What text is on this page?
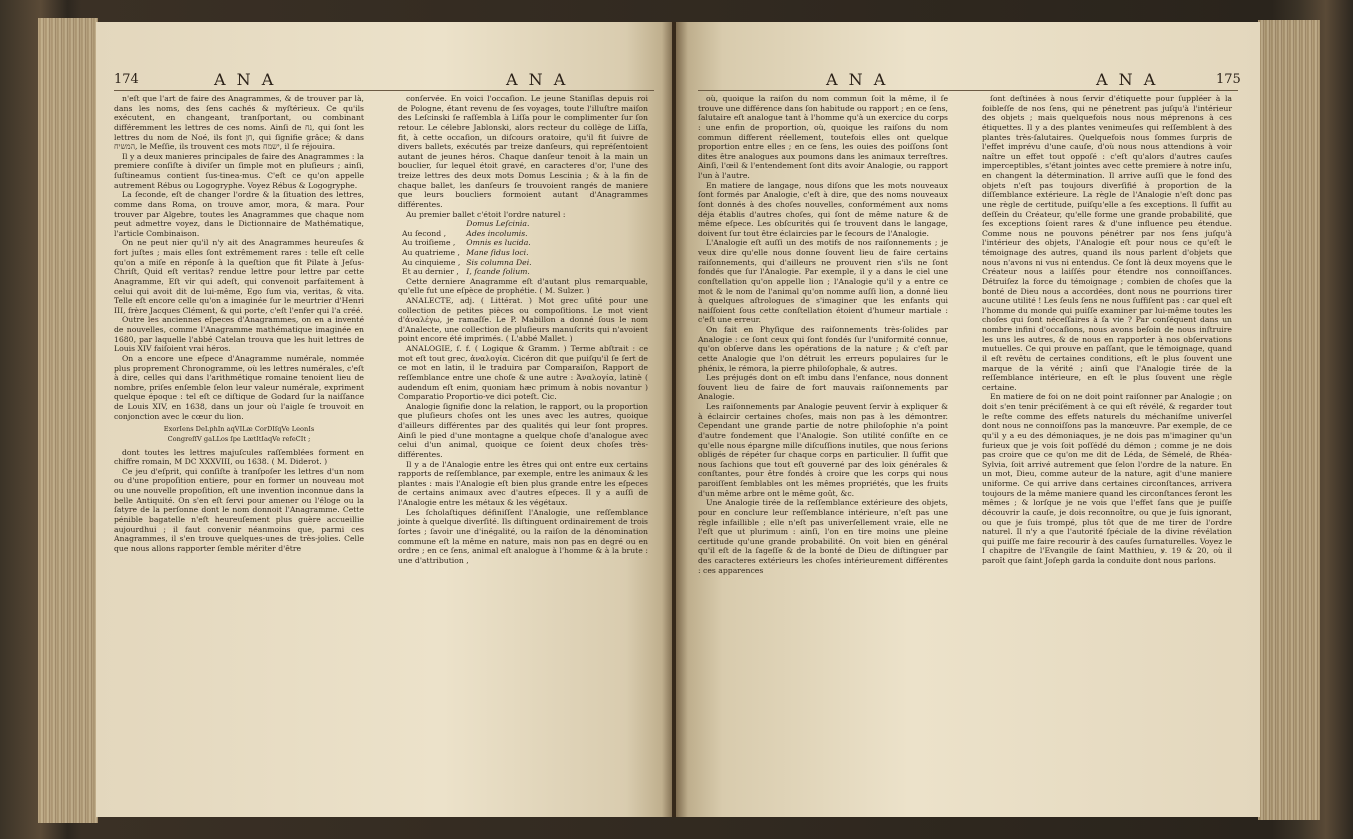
174	A N A	A N A

n'eſt que l'art de faire des Anagrammes, & de trouver par là, dans les noms, des ſens cachés & myſtérieux. Ce qu'ils exécutent, en changeant, tranſportant, ou combinant différemment les lettres de ces noms. Ainſi de נח, qui ſont les lettres du nom de Noé, ils font חן, qui ſignifie grâce; & dans המשיח, le Meſſie, ils trouvent ces mots ישמח, il ſe réjouira.

Il y a deux manieres principales de faire des Anagrammes : la premiere conſiſte à diviſer un ſimple mot en pluſieurs ; ainſi, ſuſtineamus contient ſus-tinea-mus. C'eſt ce qu'on appelle autrement Rébus ou Logogryphe. Voyez Rébus & Logogryphe.

La ſeconde, eſt de changer l'ordre & la ſituation des lettres, comme dans Roma, on trouve amor, mora, & mara. Pour trouver par Algebre, toutes les Anagrammes que chaque nom peut admettre voyez, dans le Dictionnaire de Mathématique, l'article Combinaison.

On ne peut nier qu'il n'y ait des Anagrammes heureuſes & fort juſtes ; mais elles ſont extrêmement rares : telle eſt celle qu'on a miſe en réponſe à la queſtion que fit Pilate à Jeſus-Chriſt, Quid eſt veritas? rendue lettre pour lettre par cette Anagramme, Eſt vir qui adeſt, qui convenoit parfaitement à celui qui avoit dit de lui-même, Ego ſum via, veritas, & vita. Telle eſt encore celle qu'on a imaginée ſur le meurtrier d'Henri III, frère Jacques Clément, & qui porte, c'eſt l'enfer qui l'a créé.

Outre les anciennes eſpeces d'Anagrammes, on en a inventé de nouvelles, comme l'Anagramme mathématique imaginée en 1680, par laquelle l'abbé Catelan trouva que les huit lettres de Louis XIV faiſoient vrai héros.

On a encore une eſpece d'Anagramme numérale, nommée plus proprement Chronogramme, où les lettres numérales, c'eſt à dire, celles qui dans l'arithmétique romaine tenoient lieu de nombre, priſes enſemble ſelon leur valeur numérale, expriment quelque époque : tel eſt ce diſtique de Godard ſur la naiſſance de Louis XIV, en 1638, dans un jour où l'aigle ſe trouvoit en conjonction avec le cœur du lion.

ExorIens DeLphIn aqVILæ CorDIſqVe LeonIs

CongreſſV gaLLos ſpe LætItIaqVe refeCIt ;

dont toutes les lettres majuſcules raſſemblées forment en chiffre romain, M DC XXXVIII, ou 1638. ( M. Diderot. )

Ce jeu d'eſprit, qui conſiſte à tranſpoſer les lettres d'un nom ou d'une propoſition entiere, pour en former un nouveau mot ou une nouvelle propoſition, eſt une invention inconnue dans la belle Antiquité. On s'en eſt ſervi pour amener ou l'éloge ou la ſatyre de la perſonne dont le nom donnoit l'Anagramme. Cette pénible bagatelle n'eſt heureuſement plus guère accueillie aujourdhui ; il faut convenir néanmoins que, parmi ces Anagrammes, il s'en trouve quelques-unes de très-jolies. Celle que nous allons rapporter ſemble mériter d'être

conſervée. En voici l'occaſion. Le jeune Staniſlas depuis roi de Pologne, étant revenu de ſes voyages, toute l'illuſtre maiſon des Leſcinski ſe raſſembla à Liſſa pour le complimenter ſur ſon retour. Le célebre Jablonski, alors recteur du collège de Liſſa, fit, à cette occaſion, un diſcours oratoire, qu'il fit ſuivre de divers ballets, exécutés par treize danſeurs, qui repréſentoient autant de jeunes héros. Chaque danſeur tenoit à la main un bouclier, ſur lequel étoit gravé, en caracteres d'or, l'une des treize lettres des deux mots Domus Lescinia ; & à la fin de chaque ballet, les danſeurs ſe trouvoient rangés de maniere que leurs boucliers formoient autant d'Anagrammes différentes.

Au premier ballet c'étoit l'ordre naturel :

	Domus Leſcinia.
Au ſecond ,	Ades incolumis.
Au troiſieme ,	Omnis es lucida.
Au quatrieme ,	Mane ſidus loci.
Au cinquieme ,	Sis columna Dei.
Et au dernier ,	I, ſcande ſolium.

Cette derniere Anagramme eſt d'autant plus remarquable, qu'elle fut une eſpèce de prophétie. ( M. Sulzer. )

ANALECTE, adj. ( Littérat. ) Mot grec uſité pour une collection de petites pièces ou compoſitions. Le mot vient d'ἀναλέγω, je ramaſſe. Le P. Mabillon a donné ſous le nom d'Analecte, une collection de pluſieurs manuſcrits qui n'avoient point encore été imprimés. ( L'abbé Mallet. )

ANALOGIE, ſ. f. ( Logique & Gramm. ) Terme abſtrait : ce mot eſt tout grec, ἀναλογία. Cicéron dit que puiſqu'il ſe ſert de ce mot en latin, il le traduira par Comparaiſon, Rapport de reſſemblance entre une choſe & une autre : Ἀναλογία, latinè ( audendum eſt enim, quoniam hæc primum à nobis novantur ) Comparatio Proportio-ve dici poteſt. Cic.

Analogie ſignifie donc la relation, le rapport, ou la proportion que pluſieurs choſes ont les unes avec les autres, quoique d'ailleurs différentes par des qualités qui leur ſont propres. Ainſi le pied d'une montagne a quelque choſe d'analogue avec celui d'un animal, quoique ce ſoient deux choſes très-différentes.

Il y a de l'Analogie entre les êtres qui ont entre eux certains rapports de reſſemblance, par exemple, entre les animaux & les plantes : mais l'Analogie eſt bien plus grande entre les eſpeces de certains animaux avec d'autres eſpeces. Il y a auſſi de l'Analogie entre les métaux & les végétaux.

Les ſcholaſtiques définiſſent l'Analogie, une reſſemblance jointe à quelque diverſité. Ils diſtinguent ordinairement de trois ſortes ; ſavoir une d'inégalité, ou la raiſon de la dénomination commune eſt la même en nature, mais non pas en degré ou en ordre ; en ce ſens, animal eſt analogue à l'homme & à la brute : une d'attribution ,

A N A	A N A	175

où, quoique la raiſon du nom commun ſoit la même, il ſe trouve une différence dans ſon habitude ou rapport ; en ce ſens, ſalutaire eſt analogue tant à l'homme qu'à un exercice du corps : une enfin de proportion, où, quoique les raiſons du nom commun different réellement, toutefois elles ont quelque proportion entre elles ; en ce ſens, les ouies des poiſſons ſont dites être analogues aux poumons dans les animaux terreſtres. Ainſi, l'œil & l'entendement ſont dits avoir Analogie, ou rapport l'un à l'autre.

En matiere de langage, nous diſons que les mots nouveaux ſont formés par Analogie, c'eſt à dire, que des noms nouveaux ſont donnés à des choſes nouvelles, conformément aux noms déja établis d'autres choſes, qui ſont de même nature & de même eſpece. Les obſcurités qui ſe trouvent dans le langage, doivent ſur tout être éclaircies par le ſecours de l'Analogie.

L'Analogie eſt auſſi un des motifs de nos raiſonnements ; je veux dire qu'elle nous donne ſouvent lieu de faire certains raiſonnements, qui d'ailleurs ne prouvent rien s'ils ne ſont fondés que ſur l'Analogie. Par exemple, il y a dans le ciel une conſtellation qu'on appelle lion ; l'Analogie qu'il y a entre ce mot & le nom de l'animal qu'on nomme auſſi lion, a donné lieu à quelques aſtrologues de s'imaginer que les enfants qui naiſſoient ſous cette conſtellation étoient d'humeur martiale : c'eſt une erreur.

On fait en Phyſique des raiſonnements très-ſolides par Analogie : ce ſont ceux qui ſont fondés ſur l'uniformité connue, qu'on obſerve dans les opérations de la nature ; & c'eſt par cette Analogie que l'on détruit les erreurs populaires ſur le phénix, le rémora, la pierre philoſophale, & autres.

Les préjugés dont on eſt imbu dans l'enfance, nous donnent ſouvent lieu de faire de fort mauvais raiſonnements par Analogie.

Les raiſonnements par Analogie peuvent ſervir à expliquer & à éclaircir certaines choſes, mais non pas à les démontrer. Cependant une grande partie de notre philoſophie n'a point d'autre fondement que l'Analogie. Son utilité conſiſte en ce qu'elle nous épargne mille diſcuſſions inutiles, que nous ſerions obligés de répéter ſur chaque corps en particulier. Il ſuffit que nous ſachions que tout eſt gouverné par des loix générales & conſtantes, pour être fondés à croire que les corps qui nous paroiſſent ſemblables ont les mêmes propriétés, que les fruits d'un même arbre ont le même goût, &c.

Une Analogie tirée de la reſſemblance extérieure des objets, pour en conclure leur reſſemblance intérieure, n'eſt pas une règle infaillible ; elle n'eſt pas univerſellement vraie, elle ne l'eſt que ut plurimum : ainſi, l'on en tire moins une pleine certitude qu'une grande probabilité. On voit bien en général qu'il eſt de la ſageſſe & de la bonté de Dieu de diſtinguer par des caracteres extérieurs les choſes intérieurement différentes : ces apparences

ſont deſtinées à nous ſervir d'étiquette pour ſuppléer à la foibleſſe de nos ſens, qui ne pénetrent pas juſqu'à l'intérieur des objets ; mais quelquefois nous nous méprenons à ces étiquettes. Il y a des plantes venimeuſes qui reſſemblent à des plantes très-ſalutaires. Quelquefois nous ſommes ſurpris de l'effet imprévu d'une cauſe, d'où nous nous attendions à voir naître un effet tout oppoſé : c'eſt qu'alors d'autres cauſes imperceptibles, s'étant jointes avec cette premiere à notre inſu, en changent la détermination. Il arrive auſſi que le fond des objets n'eſt pas toujours diverſifié à proportion de la diſſemblance extérieure. La règle de l'Analogie n'eſt donc pas une règle de certitude, puiſqu'elle a ſes exceptions. Il ſuffit au deſſein du Créateur, qu'elle forme une grande probabilité, que ſes exceptions ſoient rares & d'une influence peu étendue. Comme nous ne pouvons pénétrer par nos ſens juſqu'à l'intérieur des objets, l'Analogie eſt pour nous ce qu'eſt le témoignage des autres, quand ils nous parlent d'objets que nous n'avons ni vus ni entendus. Ce ſont là deux moyens que le Créateur nous a laiſſés pour étendre nos connoiſſances. Détruiſez la force du témoignage ; combien de choſes que la bonté de Dieu nous a accordées, dont nous ne pourrions tirer aucune utilité ! Les ſeuls ſens ne nous ſuffiſent pas : car quel eſt l'homme du monde qui puiſſe examiner par lui-même toutes les choſes qui ſont néceſſaires à ſa vie ? Par conſéquent dans un nombre infini d'occaſions, nous avons beſoin de nous inſtruire les uns les autres, & de nous en rapporter à nos obſervations mutuelles. Ce qui prouve en paſſant, que le témoignage, quand il eſt revêtu de certaines conditions, eſt le plus ſouvent une marque de la vérité ; ainſi que l'Analogie tirée de la reſſemblance intérieure, en eſt le plus ſouvent une règle certaine.

En matiere de foi on ne doit point raiſonner par Analogie ; on doit s'en tenir préciſément à ce qui eſt révélé, & regarder tout le reſte comme des effets naturels du méchaniſme univerſel dont nous ne connoiſſons pas la manœuvre. Par exemple, de ce qu'il y a eu des démoniaques, je ne dois pas m'imaginer qu'un furieux que je vois ſoit poſſédé du démon ; comme je ne dois pas croire que ce qu'on me dit de Léda, de Sémelé, de Rhéa-Sylvia, ſoit arrivé autrement que ſelon l'ordre de la nature. En un mot, Dieu, comme auteur de la nature, agit d'une maniere uniforme. Ce qui arrive dans certaines circonſtances, arrivera toujours de la même maniere quand les circonſtances ſeront les mêmes ; & lorſque je ne vois que l'effet ſans que je puiſſe découvrir la cauſe, je dois reconnoître, ou que je ſuis ignorant, ou que je ſuis trompé, plus tôt que de me tirer de l'ordre naturel. Il n'y a que l'autorité ſpéciale de la divine révélation qui puiſſe me faire recourir à des cauſes ſurnaturelles. Voyez le I chapitre de l'Evangile de ſaint Matthieu, ꝟ. 19 & 20, où il paroît que ſaint Joſeph garda la conduite dont nous parlons.
